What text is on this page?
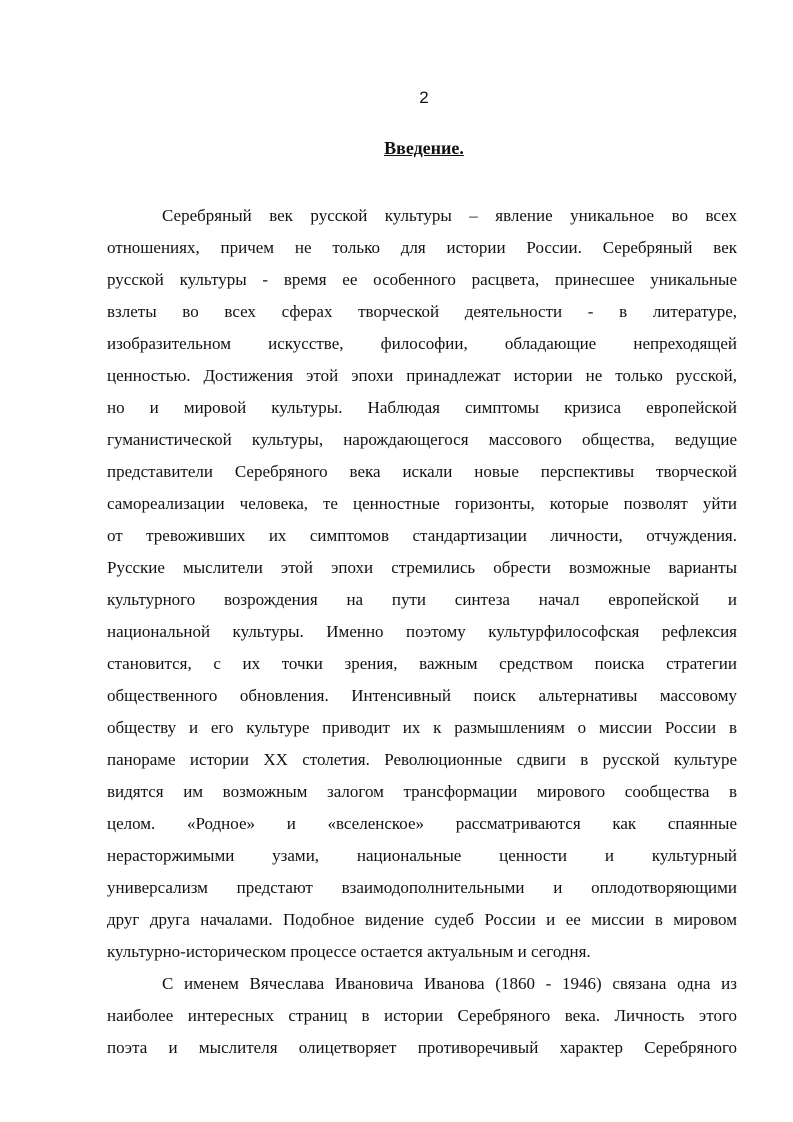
2
Введение.
Серебряный век русской культуры – явление уникальное во всех
отношениях, причем не только для истории России. Серебряный век
русской культуры - время ее особенного расцвета, принесшее уникальные
взлеты во всех сферах творческой деятельности - в литературе,
изобразительном искусстве, философии, обладающие непреходящей
ценностью. Достижения этой эпохи принадлежат истории не только русской,
но и мировой культуры. Наблюдая симптомы кризиса европейской
гуманистической культуры, нарождающегося массового общества, ведущие
представители Серебряного века искали новые перспективы творческой
самореализации человека, те ценностные горизонты, которые позволят уйти
от тревоживших их симптомов стандартизации личности, отчуждения.
Русские мыслители этой эпохи стремились обрести возможные варианты
культурного возрождения на пути синтеза начал европейской и
национальной культуры. Именно поэтому культурфилософская рефлексия
становится, с их точки зрения, важным средством поиска стратегии
общественного обновления. Интенсивный поиск альтернативы массовому
обществу и его культуре приводит их к размышлениям о миссии России в
панораме истории XX столетия. Революционные сдвиги в русской культуре
видятся им возможным залогом трансформации мирового сообщества в
целом. «Родное» и «вселенское» рассматриваются как спаянные
нерасторжимыми узами, национальные ценности и культурный
универсализм предстают взаимодополнительными и оплодотворяющими
друг друга началами. Подобное видение судеб России и ее миссии в мировом
культурно-историческом процессе остается актуальным и сегодня.
С именем Вячеслава Ивановича Иванова (1860 - 1946) связана одна из
наиболее интересных страниц в истории Серебряного века. Личность этого
поэта и мыслителя олицетворяет противоречивый характер Серебряного
